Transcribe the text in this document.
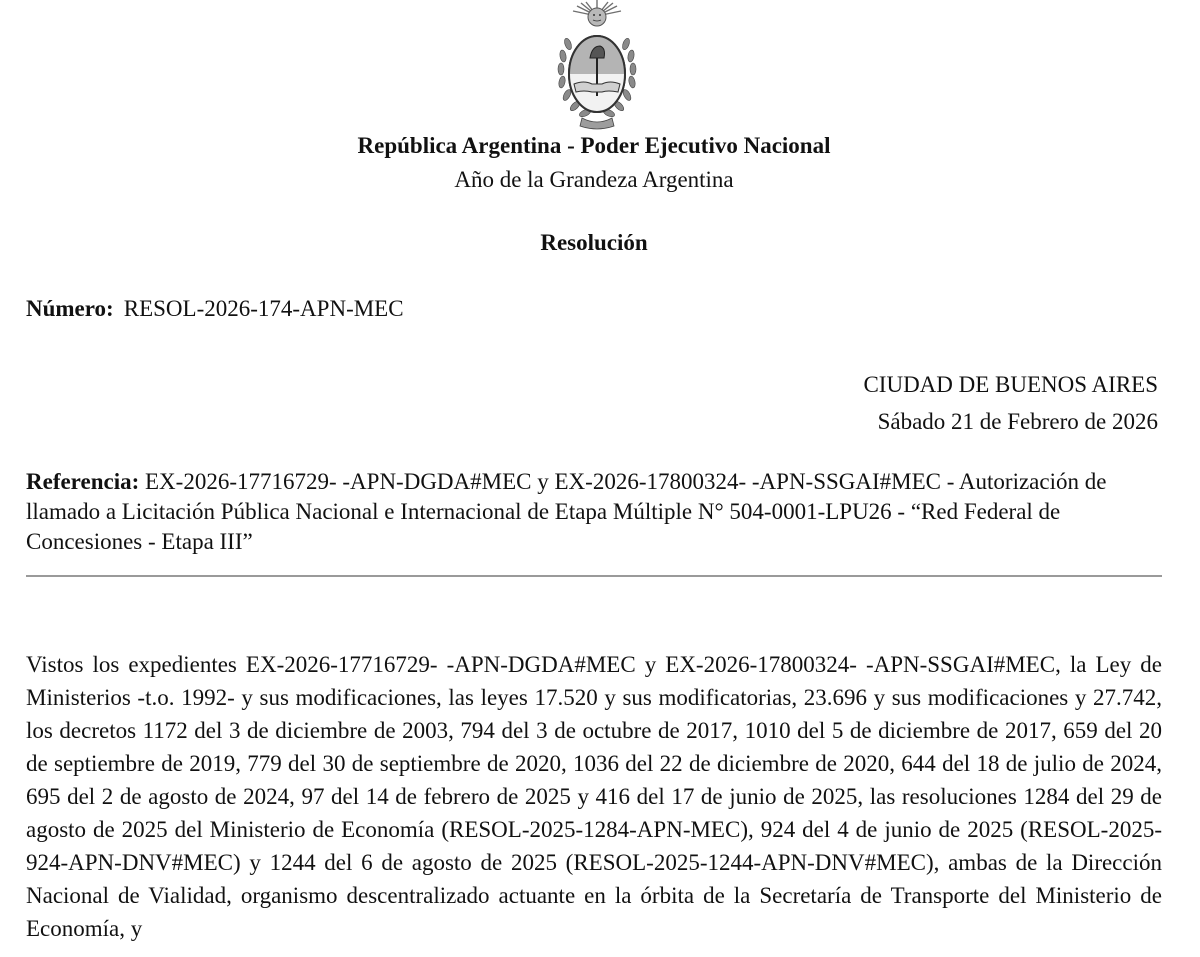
República Argentina - Poder Ejecutivo Nacional
Año de la Grandeza Argentina
Resolución
Número: RESOL-2026-174-APN-MEC
CIUDAD DE BUENOS AIRES
Sábado 21 de Febrero de 2026
Referencia: EX-2026-17716729- -APN-DGDA#MEC y EX-2026-17800324- -APN-SSGAI#MEC - Autorización de llamado a Licitación Pública Nacional e Internacional de Etapa Múltiple N° 504-0001-LPU26 - “Red Federal de Concesiones - Etapa III”
Vistos los expedientes EX-2026-17716729- -APN-DGDA#MEC y EX-2026-17800324- -APN-SSGAI#MEC, la Ley de Ministerios -t.o. 1992- y sus modificaciones, las leyes 17.520 y sus modificatorias, 23.696 y sus modificaciones y 27.742, los decretos 1172 del 3 de diciembre de 2003, 794 del 3 de octubre de 2017, 1010 del 5 de diciembre de 2017, 659 del 20 de septiembre de 2019, 779 del 30 de septiembre de 2020, 1036 del 22 de diciembre de 2020, 644 del 18 de julio de 2024, 695 del 2 de agosto de 2024, 97 del 14 de febrero de 2025 y 416 del 17 de junio de 2025, las resoluciones 1284 del 29 de agosto de 2025 del Ministerio de Economía (RESOL-2025-1284-APN-MEC), 924 del 4 de junio de 2025 (RESOL-2025-924-APN-DNV#MEC) y 1244 del 6 de agosto de 2025 (RESOL-2025-1244-APN-DNV#MEC), ambas de la Dirección Nacional de Vialidad, organismo descentralizado actuante en la órbita de la Secretaría de Transporte del Ministerio de Economía, y
